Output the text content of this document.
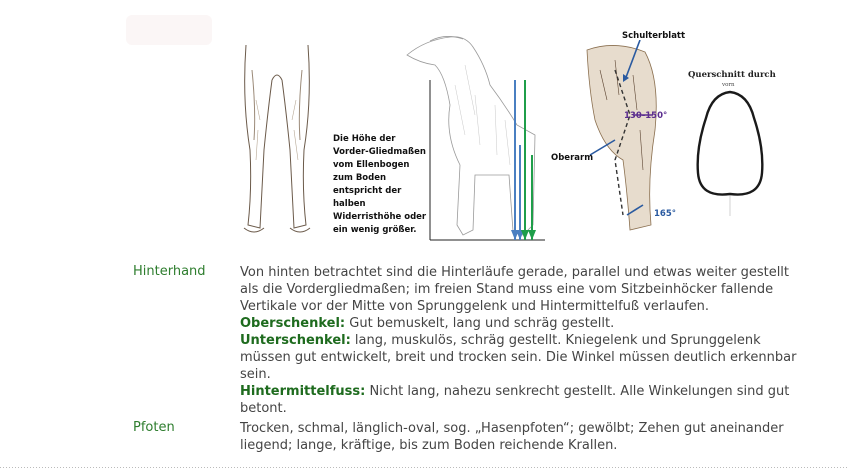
Die Höhe der Vorder-Gliedmaßen vom Ellenbogen zum Boden entspricht der halben Widerristhöhe oder ein wenig größer.
Schulterblatt
Oberarm
130-150°
165°
Querschnitt durch
vorn
Hinterhand	Von hinten betrachtet sind die Hinterläufe gerade, parallel und etwas weiter gestellt als die Vordergliedmaßen; im freien Stand muss eine vom Sitzbeinhöcker fallende Vertikale vor der Mitte von Sprunggelenk und Hintermittelfuß verlaufen.
Oberschenkel: Gut bemuskelt, lang und schräg gestellt.
Unterschenkel: lang, muskulös, schräg gestellt. Kniegelenk und Sprunggelenk müssen gut entwickelt, breit und trocken sein. Die Winkel müssen deutlich erkennbar sein.
Hintermittelfuss: Nicht lang, nahezu senkrecht gestellt. Alle Winkelungen sind gut betont.
Pfoten	Trocken, schmal, länglich-oval, sog. „Hasenpfoten“; gewölbt; Zehen gut aneinander liegend; lange, kräftige, bis zum Boden reichende Krallen.
